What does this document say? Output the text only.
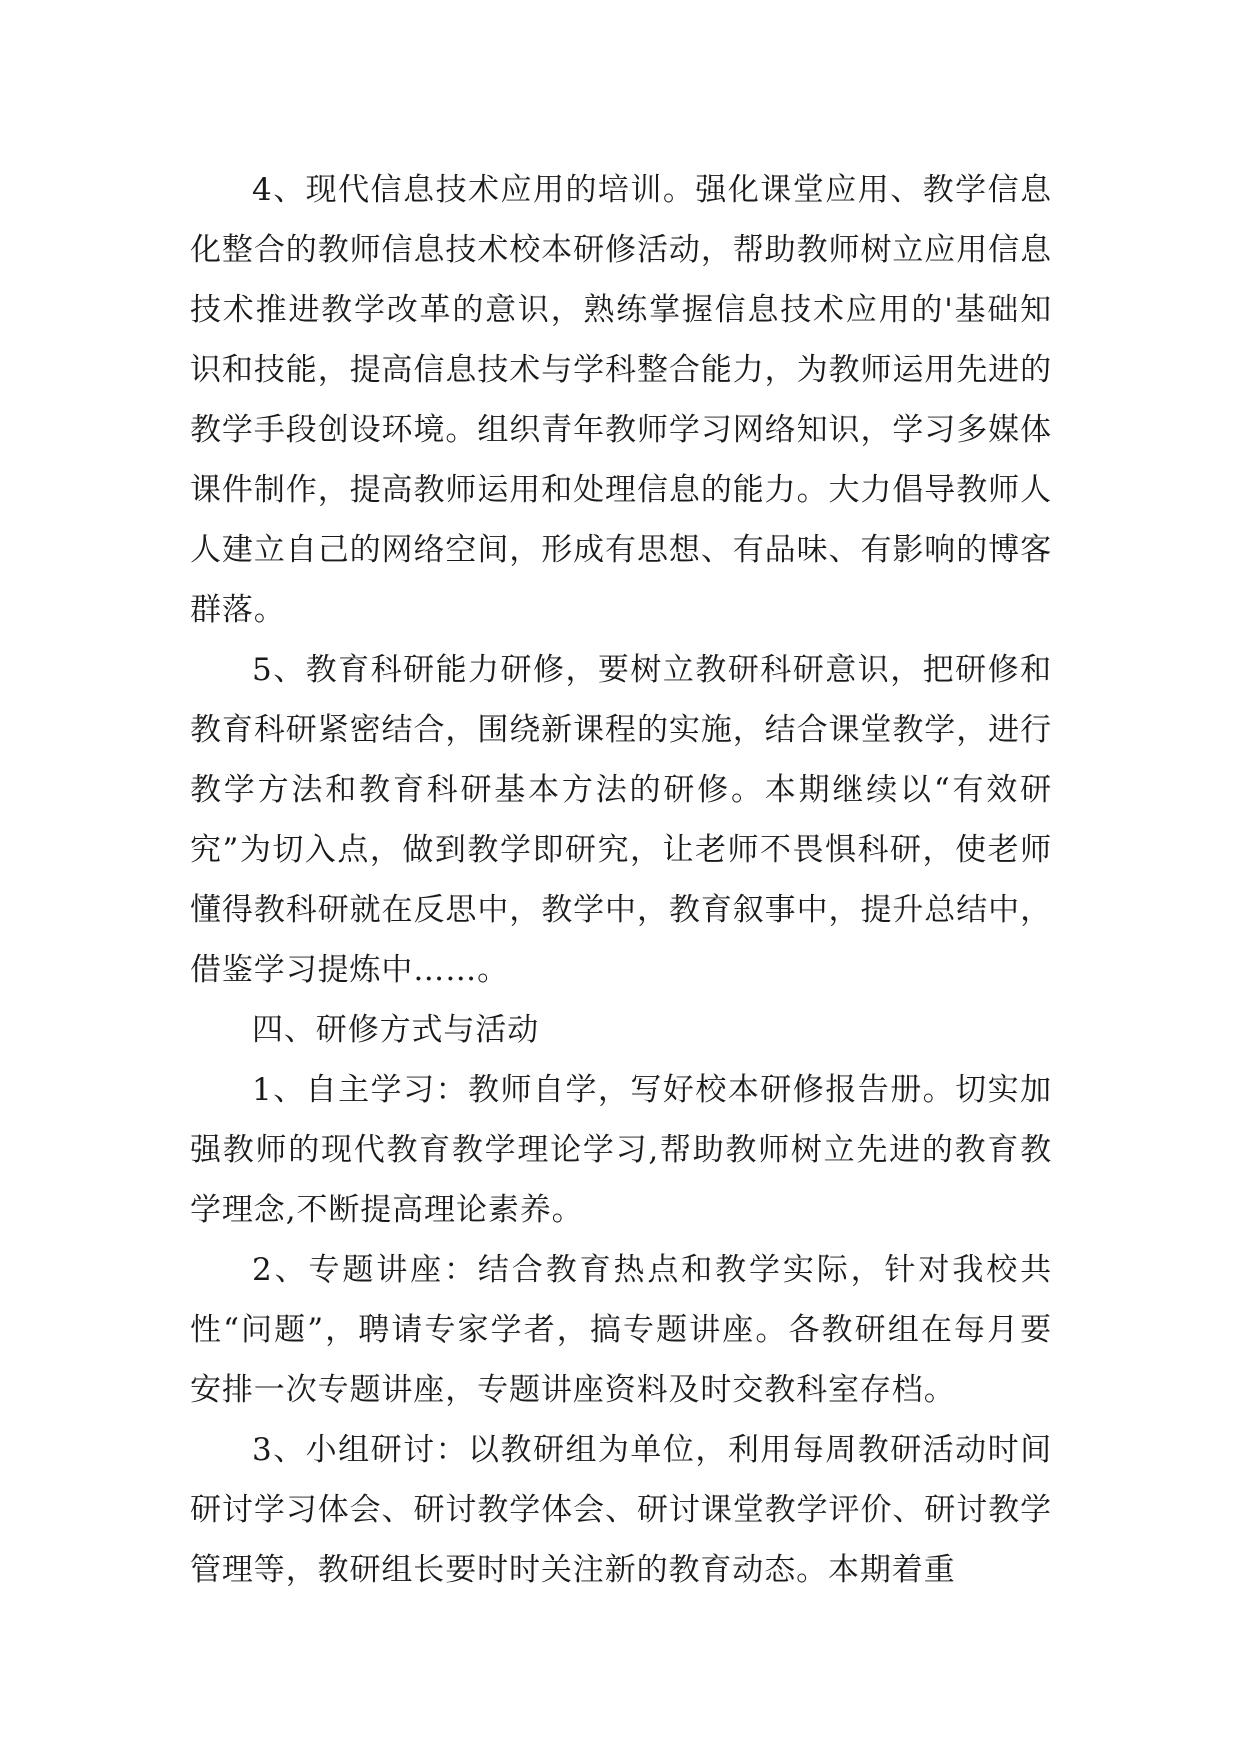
4、现代信息技术应用的培训。强化课堂应用、教学信息化整合的教师信息技术校本研修活动，帮助教师树立应用信息技术推进教学改革的意识，熟练掌握信息技术应用的'基础知识和技能，提高信息技术与学科整合能力，为教师运用先进的教学手段创设环境。组织青年教师学习网络知识，学习多媒体课件制作，提高教师运用和处理信息的能力。大力倡导教师人人建立自己的网络空间，形成有思想、有品味、有影响的博客群落。

5、教育科研能力研修，要树立教研科研意识，把研修和教育科研紧密结合，围绕新课程的实施，结合课堂教学，进行教学方法和教育科研基本方法的研修。本期继续以“有效研究”为切入点，做到教学即研究，让老师不畏惧科研，使老师懂得教科研就在反思中，教学中，教育叙事中，提升总结中，借鉴学习提炼中……。

四、研修方式与活动

1、自主学习：教师自学，写好校本研修报告册。切实加强教师的现代教育教学理论学习,帮助教师树立先进的教育教学理念,不断提高理论素养。

2、专题讲座：结合教育热点和教学实际，针对我校共性“问题”，聘请专家学者，搞专题讲座。各教研组在每月要安排一次专题讲座，专题讲座资料及时交教科室存档。

3、小组研讨：以教研组为单位，利用每周教研活动时间研讨学习体会、研讨教学体会、研讨课堂教学评价、研讨教学管理等，教研组长要时时关注新的教育动态。本期着重
